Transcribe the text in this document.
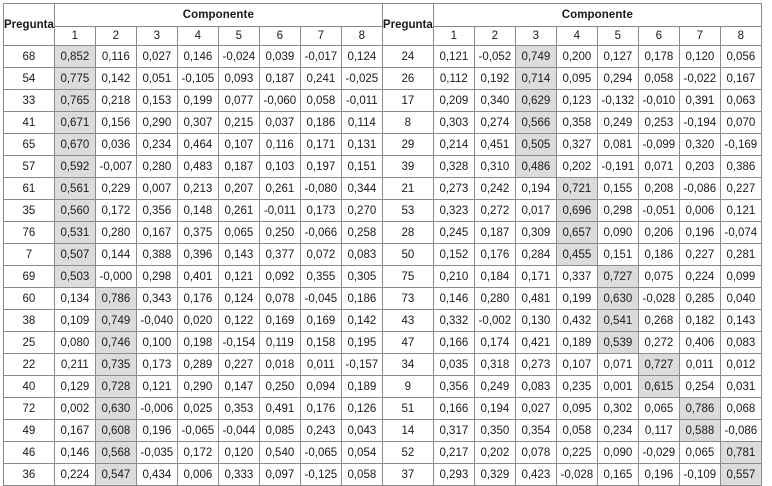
Pregunta	Componente								Pregunta	Componente							
	1	2	3	4	5	6	7	8		1	2	3	4	5	6	7	8
68	0,852	0,116	0,027	0,146	-0,024	0,039	-0,017	0,124	24	0,121	-0,052	0,749	0,200	0,127	0,178	0,120	0,056
54	0,775	0,142	0,051	-0,105	0,093	0,187	0,241	-0,025	26	0,112	0,192	0,714	0,095	0,294	0,058	-0,022	0,167
33	0,765	0,218	0,153	0,199	0,077	-0,060	0,058	-0,011	17	0,209	0,340	0,629	0,123	-0,132	-0,010	0,391	0,063
41	0,671	0,156	0,290	0,307	0,215	0,037	0,186	0,114	8	0,303	0,274	0,566	0,358	0,249	0,253	-0,194	0,070
65	0,670	0,036	0,234	0,464	0,107	0,116	0,171	0,131	29	0,214	0,451	0,505	0,327	0,081	-0,099	0,320	-0,169
57	0,592	-0,007	0,280	0,483	0,187	0,103	0,197	0,151	39	0,328	0,310	0,486	0,202	-0,191	0,071	0,203	0,386
61	0,561	0,229	0,007	0,213	0,207	0,261	-0,080	0,344	21	0,273	0,242	0,194	0,721	0,155	0,208	-0,086	0,227
35	0,560	0,172	0,356	0,148	0,261	-0,011	0,173	0,270	53	0,323	0,272	0,017	0,696	0,298	-0,051	0,006	0,121
76	0,531	0,280	0,167	0,375	0,065	0,250	-0,066	0,258	28	0,245	0,187	0,309	0,657	0,090	0,206	0,196	-0,074
7	0,507	0,144	0,388	0,396	0,143	0,377	0,072	0,083	50	0,152	0,176	0,284	0,455	0,151	0,186	0,227	0,281
69	0,503	-0,000	0,298	0,401	0,121	0,092	0,355	0,305	75	0,210	0,184	0,171	0,337	0,727	0,075	0,224	0,099
60	0,134	0,786	0,343	0,176	0,124	0,078	-0,045	0,186	73	0,146	0,280	0,481	0,199	0,630	-0,028	0,285	0,040
38	0,109	0,749	-0,040	0,020	0,122	0,169	0,169	0,142	43	0,332	-0,002	0,130	0,432	0,541	0,268	0,182	0,143
25	0,080	0,746	0,100	0,198	-0,154	0,119	0,158	0,195	47	0,166	0,174	0,421	0,189	0,539	0,272	0,406	0,083
22	0,211	0,735	0,173	0,289	0,227	0,018	0,011	-0,157	34	0,035	0,318	0,273	0,107	0,071	0,727	0,011	0,012
40	0,129	0,728	0,121	0,290	0,147	0,250	0,094	0,189	9	0,356	0,249	0,083	0,235	0,001	0,615	0,254	0,031
72	0,002	0,630	-0,006	0,025	0,353	0,491	0,176	0,126	51	0,166	0,194	0,027	0,095	0,302	0,065	0,786	0,068
49	0,167	0,608	0,196	-0,065	-0,044	0,085	0,243	0,043	14	0,317	0,350	0,354	0,058	0,234	0,117	0,588	-0,086
46	0,146	0,568	-0,035	0,172	0,120	0,540	-0,065	0,054	52	0,217	0,202	0,078	0,225	0,090	-0,029	0,065	0,781
36	0,224	0,547	0,434	0,006	0,333	0,097	-0,125	0,058	37	0,293	0,329	0,423	-0,028	0,165	0,196	-0,109	0,557
